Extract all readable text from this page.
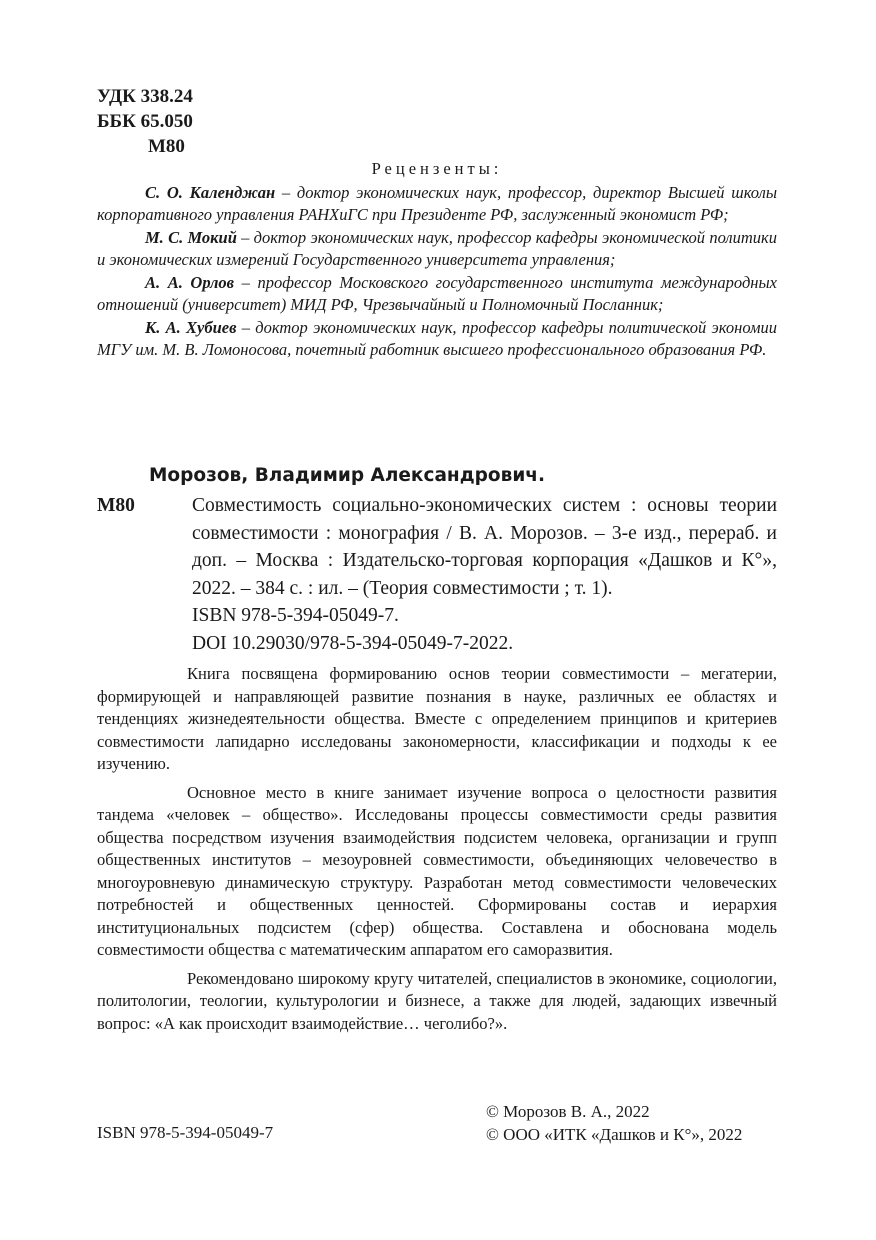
УДК 338.24
ББК 65.050
М80
Рецензенты:

С. О. Календжан – доктор экономических наук, профессор, директор Высшей школы корпоративного управления РАНХиГС при Президенте РФ, заслуженный экономист РФ;

М. С. Мокий – доктор экономических наук, профессор кафедры экономической политики и экономических измерений Государственного университета управления;

А. А. Орлов – профессор Московского государственного института международных отношений (университет) МИД РФ, Чрезвычайный и Полномочный Посланник;

К. А. Хубиев – доктор экономических наук, профессор кафедры политической экономии МГУ им. М. В. Ломоносова, почетный работник высшего профессионального образования РФ.

Морозов, Владимир Александрович.
М80	Совместимость социально-экономических систем : основы теории совместимости : монография / В. А. Морозов. – 3-е изд., перераб. и доп. – Москва : Издательско-торговая корпорация «Дашков и К°», 2022. – 384 с. : ил. – (Теория совместимости ; т. 1).
ISBN 978-5-394-05049-7.
DOI 10.29030/978-5-394-05049-7-2022.

Книга посвящена формированию основ теории совместимости – мегатерии, формирующей и направляющей развитие познания в науке, различных ее областях и тенденциях жизнедеятельности общества. Вместе с определением принципов и критериев совместимости лапидарно исследованы закономерности, классификации и подходы к ее изучению.

Основное место в книге занимает изучение вопроса о целостности развития тандема «человек – общество». Исследованы процессы совместимости среды развития общества посредством изучения взаимодействия подсистем человека, организации и групп общественных институтов – мезоуровней совместимости, объединяющих человечество в многоуровневую динамическую структуру. Разработан метод совместимости человеческих потребностей и общественных ценностей. Сформированы состав и иерархия институциональных подсистем (сфер) общества. Составлена и обоснована модель совместимости общества с математическим аппаратом его саморазвития.

Рекомендовано широкому кругу читателей, специалистов в экономике, социологии, политологии, теологии, культурологии и бизнесе, а также для людей, задающих извечный вопрос: «А как происходит взаимодействие… чеголибо?».

ISBN 978-5-394-05049-7
© Морозов В. А., 2022
© ООО «ИТК «Дашков и К°», 2022
